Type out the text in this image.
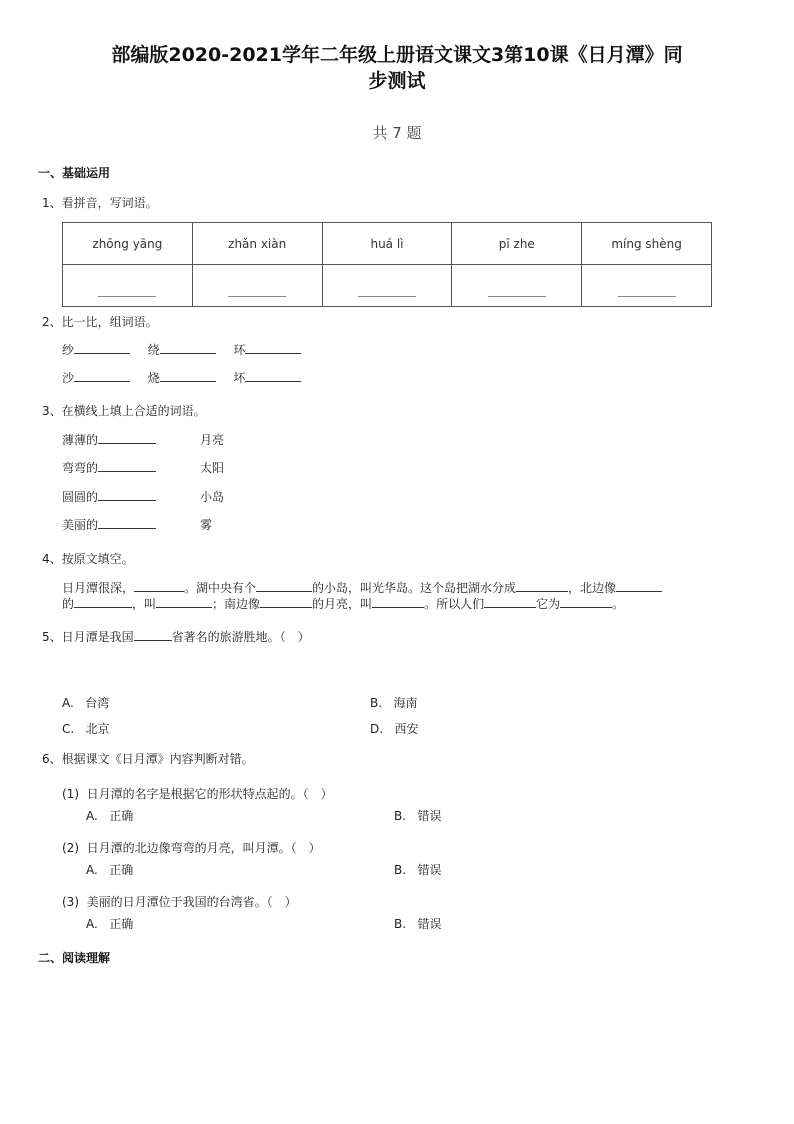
部编版2020-2021学年二年级上册语文课文3第10课《日月潭》同
步测试
共 7 题
一、基础运用
1、看拼音，写词语。
zhōng yāng	zhǎn xiàn	huá lì	pī zhe	míng shèng

2、比一比，组词语。
纱	绕	环
沙	烧	坏
3、在横线上填上合适的词语。
薄薄的	月亮
弯弯的	太阳
圆圆的	小岛
美丽的	雾
4、按原文填空。
日月潭很深，	。湖中央有个	的小岛，叫光华岛。这个岛把湖水分成	，北边像
的	，叫	；南边像	的月亮，叫	。所以人们	它为	。
5、日月潭是我国	省著名的旅游胜地。（　）
A. 台湾	B. 海南
C. 北京	D. 西安
6、根据课文《日月潭》内容判断对错。
(1) 日月潭的名字是根据它的形状特点起的。（　）
A. 正确	B. 错误
(2) 日月潭的北边像弯弯的月亮，叫月潭。（　）
A. 正确	B. 错误
(3) 美丽的日月潭位于我国的台湾省。（　）
A. 正确	B. 错误
二、阅读理解
